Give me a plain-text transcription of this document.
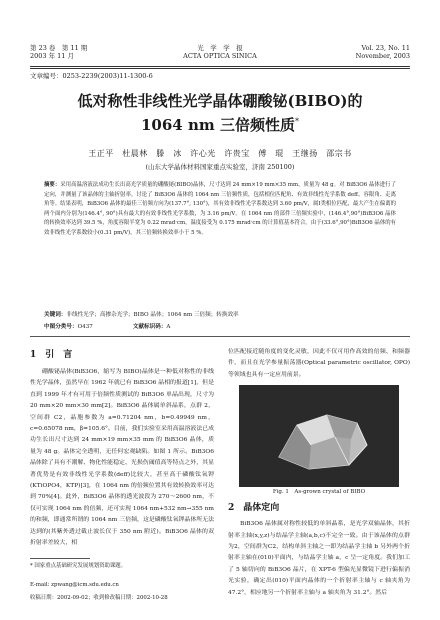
第 23 卷　第 11 期
2003 年 11 月
光　学　学　报
ACTA OPTICA SINICA
Vol. 23, No. 11
November, 2003
文章编号：0253-2239(2003)11-1300-6
低对称性非线性光学晶体硼酸铋(BIBO)的
1064 nm 三倍频性质*
王正平　杜晨林　滕　冰　许心光　许贵宝　傅　琨　王继扬　邵宗书
(山东大学晶体材料国家重点实验室，济南 250100)
摘要：采用高温溶液法成功生长出高光学质量的硼酸铋(BIBO)晶体，尺寸达到 24 mm×19 mm×35 mm，质量为 48 g。对 BiB3O6 晶体进行了定向，并测量了该晶体的主轴折射率。讨论了 BiB3O6 晶体的 1064 nm 三倍频性质，包括相位匹配角、有效非线性光学系数 deff、容限角、走离角等。结果表明，BiB3O6 晶体的最佳三倍频方向为(137.7°, 130°)，其有效非线性光学系数达到 3.60 pm/V，属Ⅰ类相位匹配，最大产生在偏离的两个面内分别为(146.4°, 90°)具有最大的有效非线性光学系数，为 3.16 pm/V。在 1064 nm 的部件三倍频实验中，(146.4°,90°)BiB3O6 晶体的转换效率达到 39.5 %，角度容限半宽为 0.22 mrad·cm，温度接受为 0.175 mrad·cm 的计算值基本符合。由于(33.6°,90°)BiB3O6 晶体的有效非线性光学系数较小(0.31 pm/V)，其三倍频转换效率小于 5 %。
关键词：非线性光学；高掺杂光学；BIBO 晶体；1064 nm 三倍频；转换效率
中图分类号：O437	文献标识码：A
1　引　言

硼酸铋晶体(BiB3O6，缩写为 BIBO)晶体是一种低对称性的非线性光学晶体，虽然早在 1962 年就已有 BiB3O6 晶相的报道[1]，但是直到 1999 年才有可用于倍频性质测试的 BiB3O6 单晶出现，尺寸为 20 mm×20 mm×30 mm[2]。BiB3O6 晶体属单斜晶系，点群 2，空间群 C2，晶胞参数为 a=0.71204 nm，b=0.49949 nm，c=0.65078 nm，β=105.6°。目前，我们实验室采用高温溶液法已成功生长出尺寸达到 24 mm×19 mm×35 mm 的 BiB3O6 晶体，质量为 48 g。晶体完全透明，无任何宏观缺陷。如图 1 所示。BiB3O6 晶体除了具有不潮解、物化性能稳定、光损伤阈值高等特点之外，其显著优势是有效非线性光学系数(deff)比较大，甚至高于磷酸钛氧钾(KTiOPO4，KTP)[3]，在 1064 nm 的倍频位置其有效转换效率可达到 70%[4]。此外，BiB3O6 晶体的透光波段为 270～2600 nm，不仅可实现 1064 nm 的倍频，还可实现 1064 nm+532 nm→355 nm 的和频，即通常所谓的 1064 nm 三倍频，这是磷酸钛氧钾晶体所无法达到的(其紫外透过截止波长仅于 350 nm 附近)。BiB3O6 晶体的双折射率差较大，相

位匹配接近随角度的变化灵敏，因此不仅可用作高效的倍频、和频器件，而且在光学参量振荡器(Optical parametric oscillator, OPO)等领域也具有一定应用前景。

Fig. 1　As-grown crystal of BIBO
2　晶体定向

BiB3O6 晶体属对称性较低的单斜晶系，是光学双轴晶体，其折射率主轴(x,y,z)与结晶学主轴(a,b,c)不完全一致。由于该晶体的点群为2，空间群为C2，结构单斜主轴之一即为结晶学主轴 b 另外两个折射率主轴在(010)平面内，与结晶学主轴 a，c 呈一定角度。我们加工了 5 轴切向的 BiB3O6 晶片，在 XPT-6 型偏光显微镜下进行偏振消光实验，确定出(010)平面内晶体的一个折射率主轴与 c 轴夹角为 47.2°，相应地另一个折射率主轴与 a 轴夹角为 31.2°。然后

* 国家重点基础研究发展规划资助课题。
E-mail: zpwang@icm.sdu.edu.cn
收稿日期：2002-09-02；收到修改稿日期：2002-10-28
